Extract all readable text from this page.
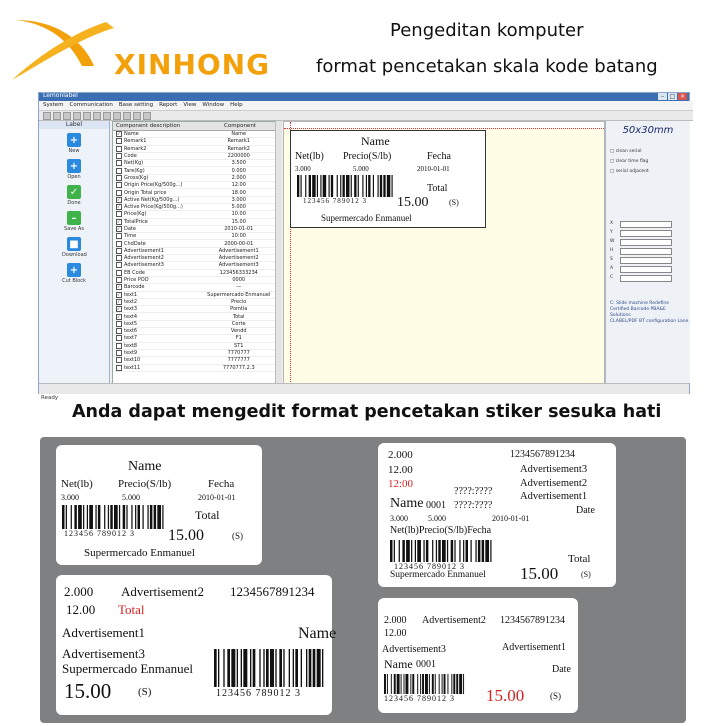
XINHONG
Pengeditan komputer
format pencetakan skala kode batang
Lemonlabel	– □ ×
System Communication Base setting Report View Window Help
Label
+
New
+
Open
✓
Done
–
Save As
■
Download
+
Cut Block
Component description	Component
✓ Name	Name
Remark1	Remark1
Remark2	Remark2
Code	2200000
Net(Kg)	3.500
Tare(Kg)	0.000
Gross(Kg)	2.000
Origin Price(Kg/500g...)	12.00
Origin Total price	18.00
✓ Active Net(Kg/500g...)	3.000
✓ Active Price(Kg/500g...)	5.000
Price(Kg)	10.00
✓ TotalPrice	15.00
✓ Date	2010-01-01
Time	10:00
ChdDate	2000-00-01
Advertisement1	Advertisement1
Advertisement2	Advertisement2
Advertisement3	Advertisement3
EB Code	123456333234
Price POD	0000
✓ Barcode	—
✓ text1	Supermercado Enmanuel
✓ text2	Precio
✓ text3	Pomtla
✓ text4	Total
text5	Corte
text6	Vendd
text7	F1
text8	ST1
text9	7770777
text10	7777777
text11	7770777.2.3
Name
Net(lb) Precio(S/lb)	Fecha
3.000	5.000	2010-01-01
123456 789012 3
Total
15.00	(S)
Supermercado Enmanuel
50x30mm
□ clean serial
□ clear time flag
□ serial adjacent
X
Y
W
H
S
A
C
C: Slide machine Redefine
Certified Barcode PBA&E
Solutions
CLABEL/PDF BT configuration Lane
Ready
Anda dapat mengedit format pencetakan stiker sesuka hati
Name
Net(lb) Precio(S/lb)	Fecha
3.000	5.000	2010-01-01
123456 789012 3
Total
15.00	(S)
Supermercado Enmanuel
2.000	1234567891234
12.00	Advertisement3
12:00	Advertisement2
????:????	Advertisement1
Name 0001 ????:????	Date
3.000	5.000	2010-01-01
Net(lb)Precio(S/lb)Fecha
123456 789012 3
Total
Supermercado Enmanuel 15.00	(S)
2.000 Advertisement2 1234567891234
12.00 Total
Advertisement1	Name
Advertisement3
Supermercado Enmanuel
123456 789012 3
15.00 (S)
2.000 Advertisement2 1234567891234
12.00
Advertisement3	Advertisement1
Name 0001	Date
123456 789012 3 15.00	(S)
